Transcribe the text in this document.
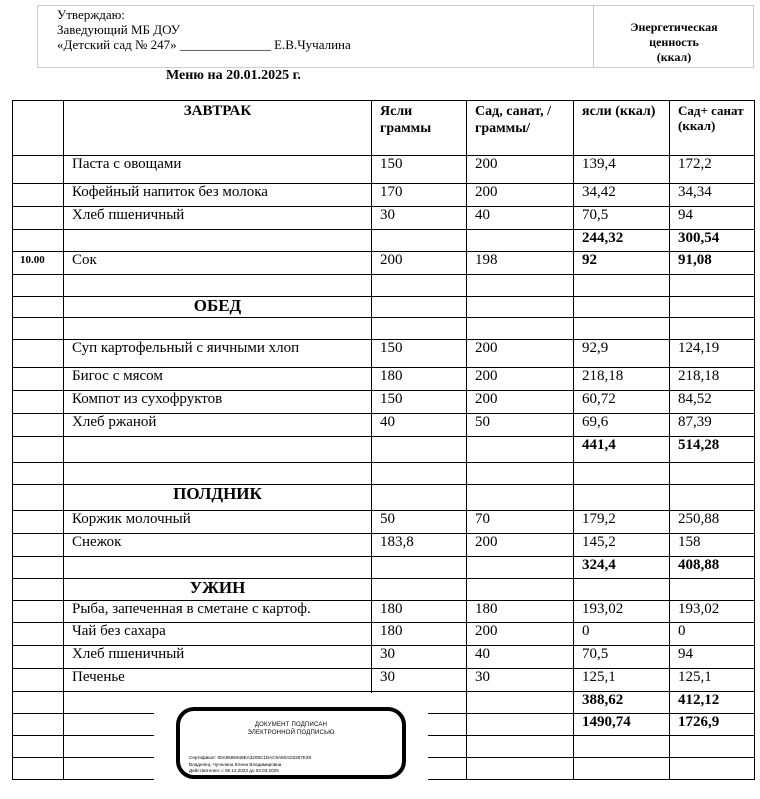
Утверждаю:
Заведующий МБ ДОУ
«Детский сад № 247» ______________ Е.В.Чучалина
Энергетическая
ценность
(ккал)
Меню на 20.01.2025 г.
	ЗАВТРАК	Ясли граммы	Сад, санат, /граммы/	ясли (ккал)	Сад+ санат (ккал)
	Паста с овощами	150	200	139,4	172,2
	Кофейный напиток без молока	170	200	34,42	34,34
	Хлеб пшеничный	30	40	70,5	94
				244,32	300,54
10.00	Сок	200	198	92	91,08

	ОБЕД				

	Суп картофельный с яичными хлоп	150	200	92,9	124,19
	Бигос с мясом	180	200	218,18	218,18
	Компот из сухофруктов	150	200	60,72	84,52
	Хлеб ржаной	40	50	69,6	87,39
				441,4	514,28

	ПОЛДНИК				
	Коржик молочный	50	70	179,2	250,88
	Снежок	183,8	200	145,2	158
				324,4	408,88
	УЖИН				
	Рыба, запеченная в сметане с картоф.	180	180	193,02	193,02
	Чай без сахара	180	200	0	0
	Хлеб пшеничный	30	40	70,5	94
	Печенье	30	30	125,1	125,1
				388,62	412,12
				1490,74	1726,9

ДОКУМЕНТ ПОДПИСАН
ЭЛЕКТРОННОЙ ПОДПИСЬЮ
Сертификат: 00A9585948EA3209C1DAC9A80AD3267E38
Владелец: Чучалина Елена Владимировна
Действителен: с 08.12.2023 до 02.03.2025
